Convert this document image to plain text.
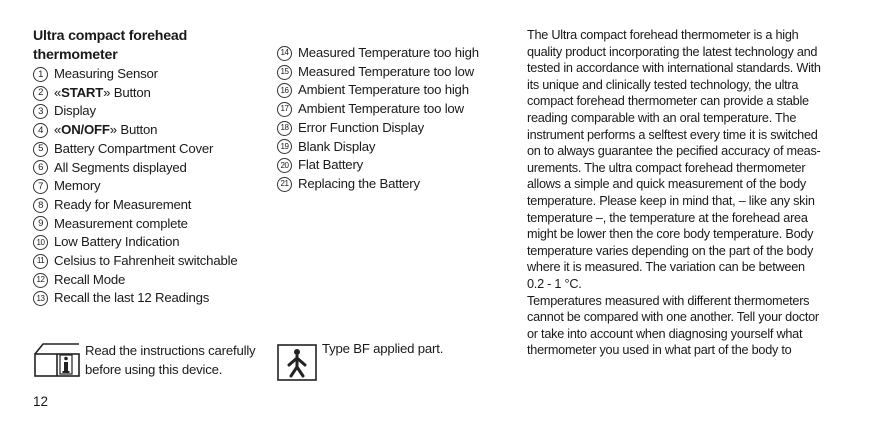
Ultra compact forehead
thermometer
1 Measuring Sensor
2 «START» Button
3 Display
4 «ON/OFF» Button
5 Battery Compartment Cover
6 All Segments displayed
7 Memory
8 Ready for Measurement
9 Measurement complete
10 Low Battery Indication
11 Celsius to Fahrenheit switchable
12 Recall Mode
13 Recall the last 12 Readings
14 Measured Temperature too high
15 Measured Temperature too low
16 Ambient Temperature too high
17 Ambient Temperature too low
18 Error Function Display
19 Blank Display
20 Flat Battery
21 Replacing the Battery
Read the instructions carefully
before using this device.
Type BF applied part.
The Ultra compact forehead thermometer is a high
quality product incorporating the latest technology and
tested in accordance with international standards. With
its unique and clinically tested technology, the ultra
compact forehead thermometer can provide a stable
reading comparable with an oral temperature. The
instrument performs a selftest every time it is switched
on to always guarantee the pecified accuracy of meas-
urements. The ultra compact forehead thermometer
allows a simple and quick measurement of the body
temperature. Please keep in mind that, – like any skin
temperature –, the temperature at the forehead area
might be lower then the core body temperature. Body
temperature varies depending on the part of the body
where it is measured. The variation can be between
0.2 - 1 °C.
Temperatures measured with different thermometers
cannot be compared with one another. Tell your doctor
or take into account when diagnosing yourself what
thermometer you used in what part of the body to
12
